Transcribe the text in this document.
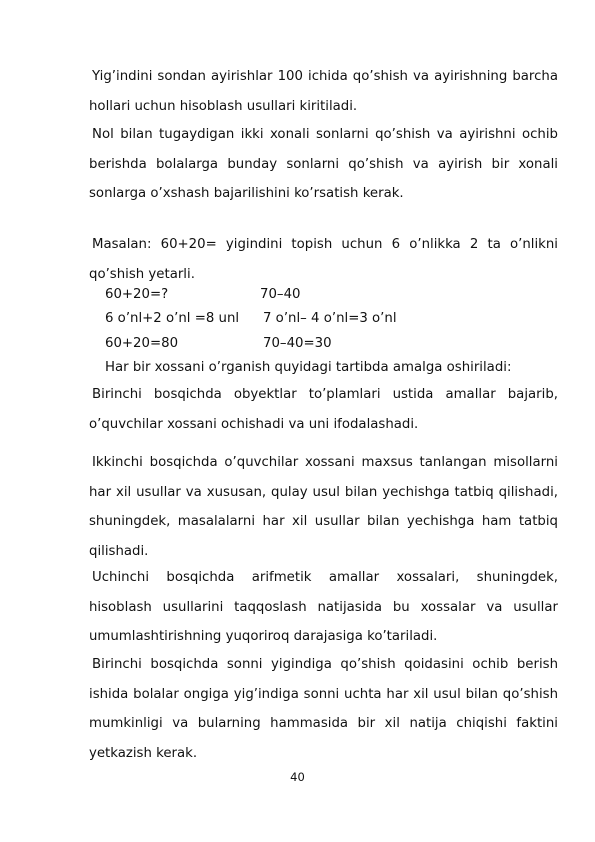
Yig’indini sondan ayirishlar 100 ichida qo’shish va ayirishning barcha hollari uchun hisoblash usullari kiritiladi.

Nol bilan tugaydigan ikki xonali sonlarni qo’shish va ayirishni ochib berishda bolalarga bunday sonlarni qo’shish va ayirish bir xonali sonlarga o’xshash bajarilishini ko’rsatish kerak.

Masalan: 60+20= yigindini topish uchun 6 o’nlikka 2 ta o’nlikni qo’shish yetarli.

60+20=?
6 o’nl+2 o’nl =8 unl
60+20=80
70–40
7 o’nl– 4 o’nl=3 o’nl
70–40=30
Har bir xossani o’rganish quyidagi tartibda amalga oshiriladi:

Birinchi bosqichda obyektlar to’plamlari ustida amallar bajarib, o’quvchilar xossani ochishadi va uni ifodalashadi.

Ikkinchi bosqichda o’quvchilar xossani maxsus tanlangan misollarni har xil usullar va xususan, qulay usul bilan yechishga tatbiq qilishadi, shuningdek, masalalarni har xil usullar bilan yechishga ham tatbiq qilishadi.

Uchinchi bosqichda arifmetik amallar xossalari, shuningdek, hisoblash usullarini taqqoslash natijasida bu xossalar va usullar umumlashtirishning yuqoriroq darajasiga ko’tariladi.

Birinchi bosqichda sonni yigindiga qo’shish qoidasini ochib berish ishida bolalar ongiga yig’indiga sonni uchta har xil usul bilan qo’shish mumkinligi va bularning hammasida bir xil natija chiqishi faktini yetkazish kerak.

40
